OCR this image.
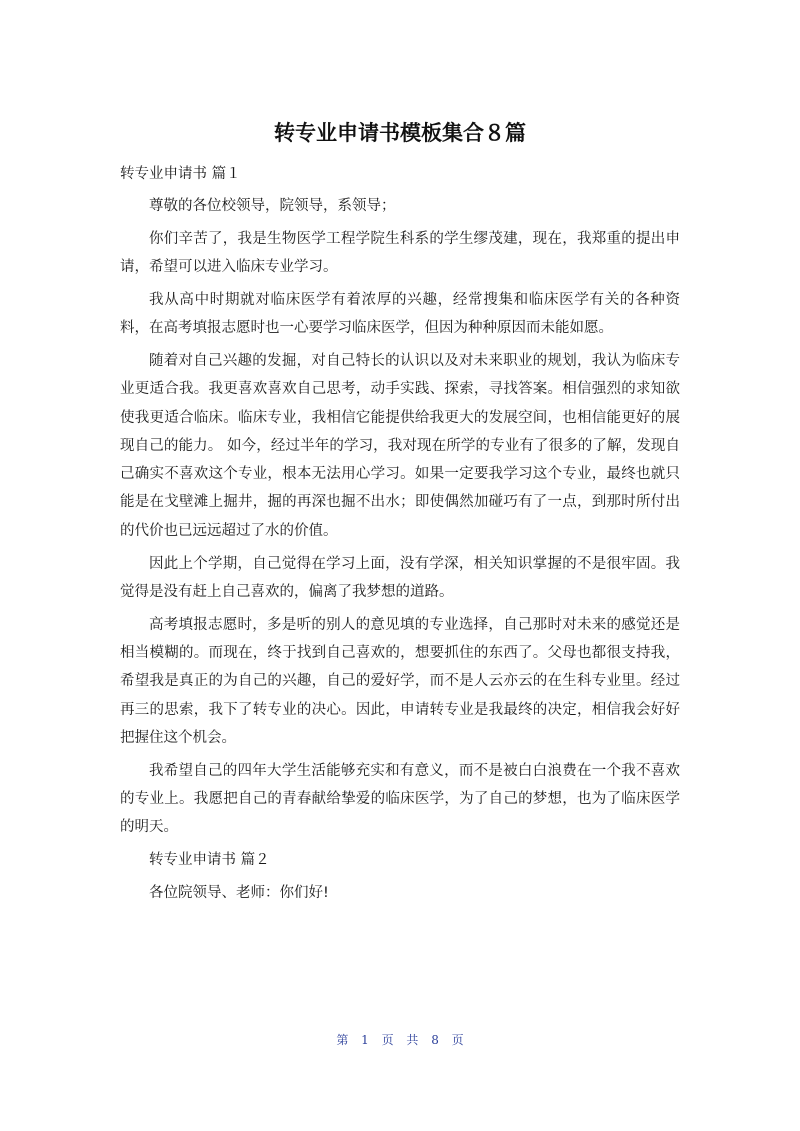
转专业申请书模板集合８篇

转专业申请书 篇１

尊敬的各位校领导，院领导，系领导；

你们辛苦了，我是生物医学工程学院生科系的学生缪茂建，现在，我郑重的提出申请，希望可以进入临床专业学习。

我从高中时期就对临床医学有着浓厚的兴趣，经常搜集和临床医学有关的各种资料，在高考填报志愿时也一心要学习临床医学，但因为种种原因而未能如愿。

随着对自己兴趣的发掘，对自己特长的认识以及对未来职业的规划，我认为临床专业更适合我。我更喜欢喜欢自己思考，动手实践、探索，寻找答案。相信强烈的求知欲使我更适合临床。临床专业，我相信它能提供给我更大的发展空间，也相信能更好的展现自己的能力。 如今，经过半年的学习，我对现在所学的专业有了很多的了解，发现自己确实不喜欢这个专业，根本无法用心学习。如果一定要我学习这个专业，最终也就只能是在戈壁滩上掘井，掘的再深也掘不出水；即使偶然加碰巧有了一点，到那时所付出的代价也已远远超过了水的价值。

因此上个学期，自己觉得在学习上面，没有学深，相关知识掌握的不是很牢固。我觉得是没有赶上自己喜欢的，偏离了我梦想的道路。

高考填报志愿时，多是听的别人的意见填的专业选择，自己那时对未来的感觉还是相当模糊的。而现在，终于找到自己喜欢的，想要抓住的东西了。父母也都很支持我，希望我是真正的为自己的兴趣，自己的爱好学，而不是人云亦云的在生科专业里。经过再三的思索，我下了转专业的决心。因此，申请转专业是我最终的决定，相信我会好好把握住这个机会。

我希望自己的四年大学生活能够充实和有意义，而不是被白白浪费在一个我不喜欢的专业上。我愿把自己的青春献给挚爱的临床医学，为了自己的梦想，也为了临床医学的明天。

转专业申请书 篇２

各位院领导、老师：你们好!

第 1 页 共 8 页
